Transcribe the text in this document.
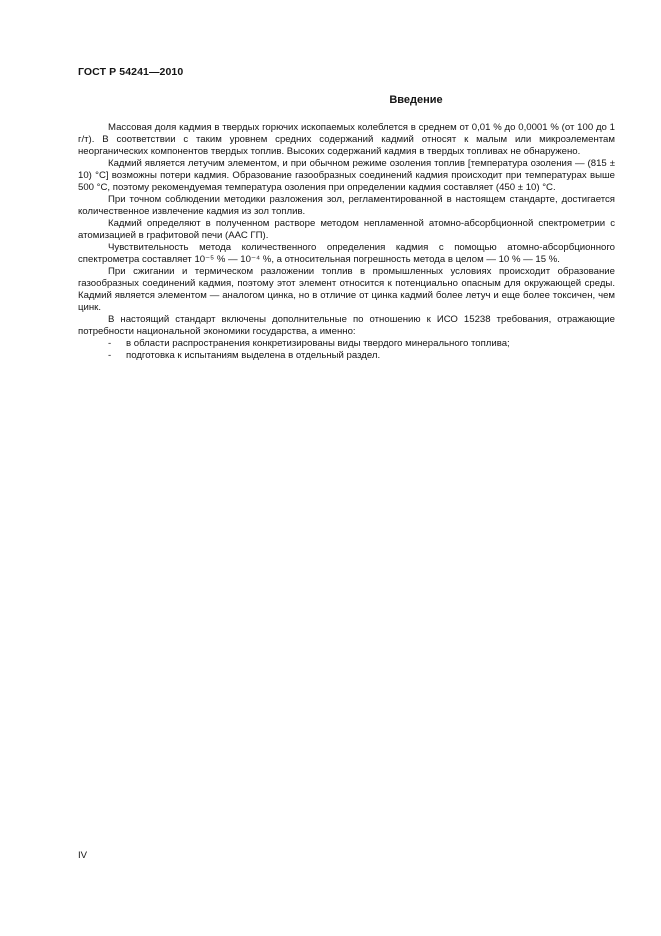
ГОСТ Р 54241—2010
Введение

Массовая доля кадмия в твердых горючих ископаемых колеблется в среднем от 0,01 % до 0,0001 % (от 100 до 1 г/т). В соответствии с таким уровнем средних содержаний кадмий относят к малым или микроэлементам неорганических компонентов твердых топлив. Высоких содержаний кадмия в твердых топливах не обнаружено.

Кадмий является летучим элементом, и при обычном режиме озоления топлив [температура озоления — (815 ± 10) °С] возможны потери кадмия. Образование газообразных соединений кадмия происходит при температурах выше 500 °С, поэтому рекомендуемая температура озоления при определении кадмия составляет (450 ± 10) °С.

При точном соблюдении методики разложения зол, регламентированной в настоящем стандарте, достигается количественное извлечение кадмия из зол топлив.

Кадмий определяют в полученном растворе методом непламенной атомно-абсорбционной спектрометрии с атомизацией в графитовой печи (ААС ГП).

Чувствительность метода количественного определения кадмия с помощью атомно-абсорбционного спектрометра составляет 10⁻⁵ % — 10⁻⁴ %, а относительная погрешность метода в целом — 10 % — 15 %.

При сжигании и термическом разложении топлив в промышленных условиях происходит образование газообразных соединений кадмия, поэтому этот элемент относится к потенциально опасным для окружающей среды. Кадмий является элементом — аналогом цинка, но в отличие от цинка кадмий более летуч и еще более токсичен, чем цинк.

В настоящий стандарт включены дополнительные по отношению к ИСО 15238 требования, отражающие потребности национальной экономики государства, а именно:

- в области распространения конкретизированы виды твердого минерального топлива;

- подготовка к испытаниям выделена в отдельный раздел.

IV
